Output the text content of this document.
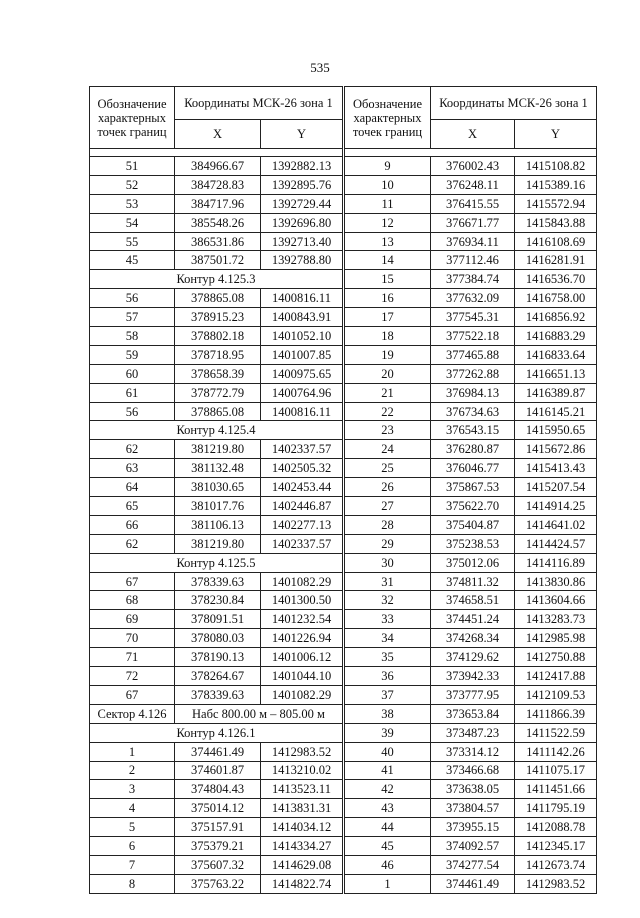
535
Обозначение характерных точек границ	Координаты МСК-26 зона 1	
	X	Y

51	384966.67	1392882.13
52	384728.83	1392895.76
53	384717.96	1392729.44
54	385548.26	1392696.80
55	386531.86	1392713.40
45	387501.72	1392788.80
Контур 4.125.3		
56	378865.08	1400816.11
57	378915.23	1400843.91
58	378802.18	1401052.10
59	378718.95	1401007.85
60	378658.39	1400975.65
61	378772.79	1400764.96
56	378865.08	1400816.11
Контур 4.125.4		
62	381219.80	1402337.57
63	381132.48	1402505.32
64	381030.65	1402453.44
65	381017.76	1402446.87
66	381106.13	1402277.13
62	381219.80	1402337.57
Контур 4.125.5		
67	378339.63	1401082.29
68	378230.84	1401300.50
69	378091.51	1401232.54
70	378080.03	1401226.94
71	378190.13	1401006.12
72	378264.67	1401044.10
67	378339.63	1401082.29
Сектор 4.126	Набс 800.00 м – 805.00 м	
Контур 4.126.1		
1	374461.49	1412983.52
2	374601.87	1413210.02
3	374804.43	1413523.11
4	375014.12	1413831.31
5	375157.91	1414034.12
6	375379.21	1414334.27
7	375607.32	1414629.08
8	375763.22	1414822.74
Обозначение характерных точек границ	Координаты МСК-26 зона 1	
	X	Y

9	376002.43	1415108.82
10	376248.11	1415389.16
11	376415.55	1415572.94
12	376671.77	1415843.88
13	376934.11	1416108.69
14	377112.46	1416281.91
15	377384.74	1416536.70
16	377632.09	1416758.00
17	377545.31	1416856.92
18	377522.18	1416883.29
19	377465.88	1416833.64
20	377262.88	1416651.13
21	376984.13	1416389.87
22	376734.63	1416145.21
23	376543.15	1415950.65
24	376280.87	1415672.86
25	376046.77	1415413.43
26	375867.53	1415207.54
27	375622.70	1414914.25
28	375404.87	1414641.02
29	375238.53	1414424.57
30	375012.06	1414116.89
31	374811.32	1413830.86
32	374658.51	1413604.66
33	374451.24	1413283.73
34	374268.34	1412985.98
35	374129.62	1412750.88
36	373942.33	1412417.88
37	373777.95	1412109.53
38	373653.84	1411866.39
39	373487.23	1411522.59
40	373314.12	1411142.26
41	373466.68	1411075.17
42	373638.05	1411451.66
43	373804.57	1411795.19
44	373955.15	1412088.78
45	374092.57	1412345.17
46	374277.54	1412673.74
1	374461.49	1412983.52
